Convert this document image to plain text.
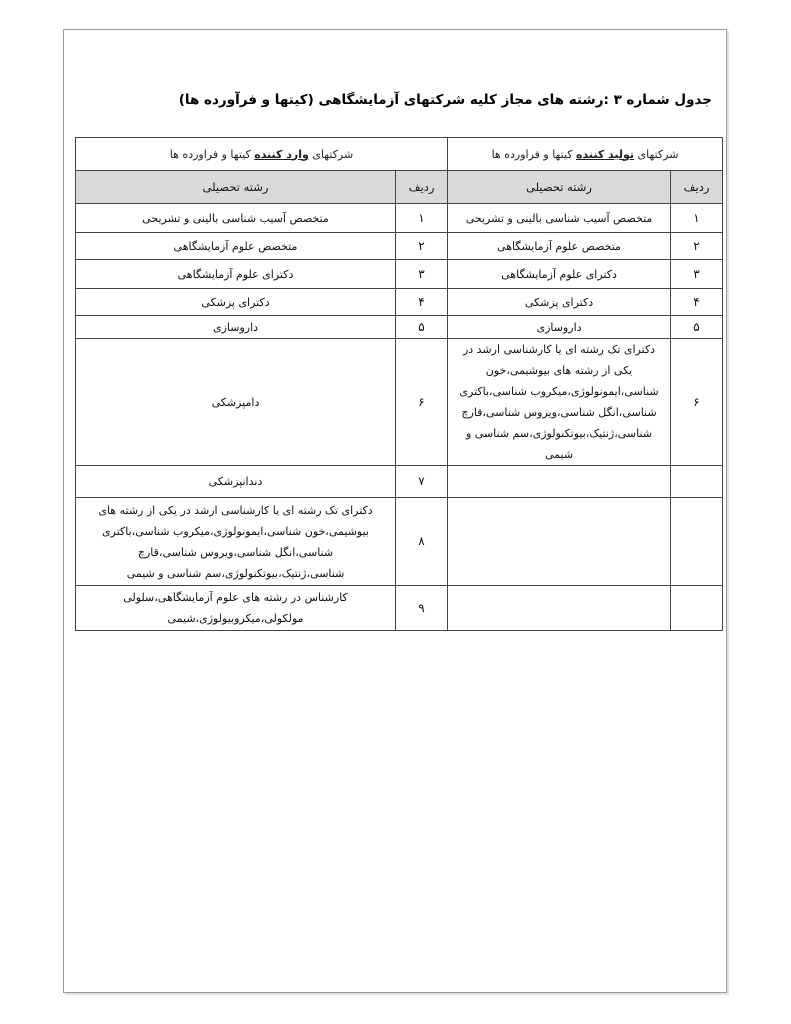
جدول شماره ۳ :رشته های مجاز کلیه شرکتهای آزمایشگاهی (کیتها و فرآورده ها)
شرکتهای تولید کننده کیتها و فراورده ها		شرکتهای وارد کننده کیتها و فراورده ها	
ردیف	رشته تحصیلی	ردیف	رشته تحصیلی
۱	متخصص آسیب شناسی بالینی و تشریحی	۱	متخصص آسیب شناسی بالینی و تشریحی
۲	متخصص علوم آزمایشگاهی	۲	متخصص علوم آزمایشگاهی
۳	دکترای علوم آزمایشگاهی	۳	دکترای علوم آزمایشگاهی
۴	دکترای پزشکی	۴	دکترای پزشکی
۵	داروسازی	۵	داروسازی
۶	دکترای تک رشته ای یا کارشناسی ارشد در یکی از رشته های بیوشیمی،خون شناسی،ایمونولوژی،میکروب شناسی،باکتری شناسی،انگل شناسی،ویروس شناسی،قارچ شناسی،ژنتیک،بیوتکنولوژی،سم شناسی و شیمی	۶	دامپزشکی
		۷	دندانپزشکی
		۸	دکترای تک رشته ای یا کارشناسی ارشد در یکی از رشته های بیوشیمی،خون شناسی،ایمونولوژی،میکروب شناسی،باکتری شناسی،انگل شناسی،ویروس شناسی،قارچ شناسی،ژنتیک،بیوتکنولوژی،سم شناسی و شیمی
		۹	کارشناس در رشته های علوم آزمایشگاهی،سلولی مولکولی،میکروبیولوژی،شیمی
